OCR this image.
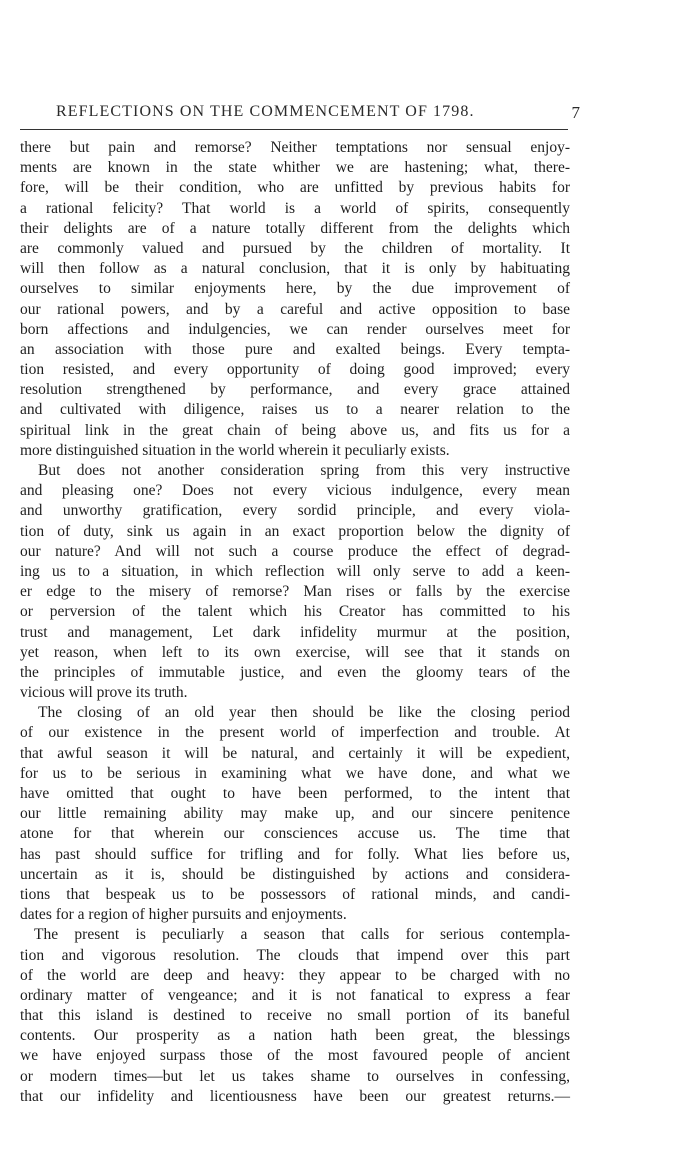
REFLECTIONS ON THE COMMENCEMENT OF 1798.	7
there but pain and remorse? Neither temptations nor sensual enjoy-
ments are known in the state whither we are hastening; what, there-
fore, will be their condition, who are unfitted by previous habits for
a rational felicity? That world is a world of spirits, consequently
their delights are of a nature totally different from the delights which
are commonly valued and pursued by the children of mortality. It
will then follow as a natural conclusion, that it is only by habituating
ourselves to similar enjoyments here, by the due improvement of
our rational powers, and by a careful and active opposition to base
born affections and indulgencies, we can render ourselves meet for
an association with those pure and exalted beings. Every tempta-
tion resisted, and every opportunity of doing good improved; every
resolution strengthened by performance, and every grace attained
and cultivated with diligence, raises us to a nearer relation to the
spiritual link in the great chain of being above us, and fits us for a
more distinguished situation in the world wherein it peculiarly exists.
But does not another consideration spring from this very instructive
and pleasing one? Does not every vicious indulgence, every mean
and unworthy gratification, every sordid principle, and every viola-
tion of duty, sink us again in an exact proportion below the dignity of
our nature? And will not such a course produce the effect of degrad-
ing us to a situation, in which reflection will only serve to add a keen-
er edge to the misery of remorse? Man rises or falls by the exercise
or perversion of the talent which his Creator has committed to his
trust and management, Let dark infidelity murmur at the position,
yet reason, when left to its own exercise, will see that it stands on
the principles of immutable justice, and even the gloomy tears of the
vicious will prove its truth.
The closing of an old year then should be like the closing period
of our existence in the present world of imperfection and trouble. At
that awful season it will be natural, and certainly it will be expedient,
for us to be serious in examining what we have done, and what we
have omitted that ought to have been performed, to the intent that
our little remaining ability may make up, and our sincere penitence
atone for that wherein our consciences accuse us. The time that
has past should suffice for trifling and for folly. What lies before us,
uncertain as it is, should be distinguished by actions and considera-
tions that bespeak us to be possessors of rational minds, and candi-
dates for a region of higher pursuits and enjoyments.
The present is peculiarly a season that calls for serious contempla-
tion and vigorous resolution. The clouds that impend over this part
of the world are deep and heavy: they appear to be charged with no
ordinary matter of vengeance; and it is not fanatical to express a fear
that this island is destined to receive no small portion of its baneful
contents. Our prosperity as a nation hath been great, the blessings
we have enjoyed surpass those of the most favoured people of ancient
or modern times—but let us takes shame to ourselves in confessing,
that our infidelity and licentiousness have been our greatest returns.—
